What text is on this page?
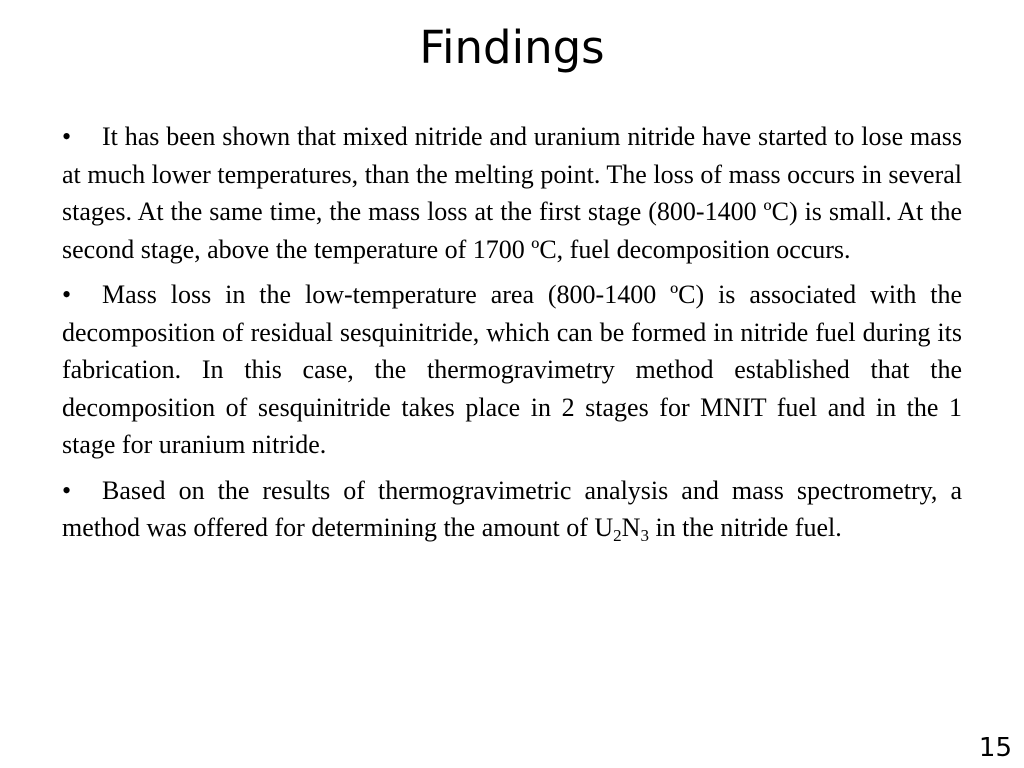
Findings
• It has been shown that mixed nitride and uranium nitride have started to lose mass at much lower temperatures, than the melting point. The loss of mass occurs in several stages. At the same time, the mass loss at the first stage (800-1400 ºC) is small. At the second stage, above the temperature of 1700 ºC, fuel decomposition occurs.
• Mass loss in the low-temperature area (800-1400 ºC) is associated with the decomposition of residual sesquinitride, which can be formed in nitride fuel during its fabrication. In this case, the thermogravimetry method established that the decomposition of sesquinitride takes place in 2 stages for MNIT fuel and in the 1 stage for uranium nitride.
• Based on the results of thermogravimetric analysis and mass spectrometry, a method was offered for determining the amount of $U_2N_3$ in the nitride fuel.
15
